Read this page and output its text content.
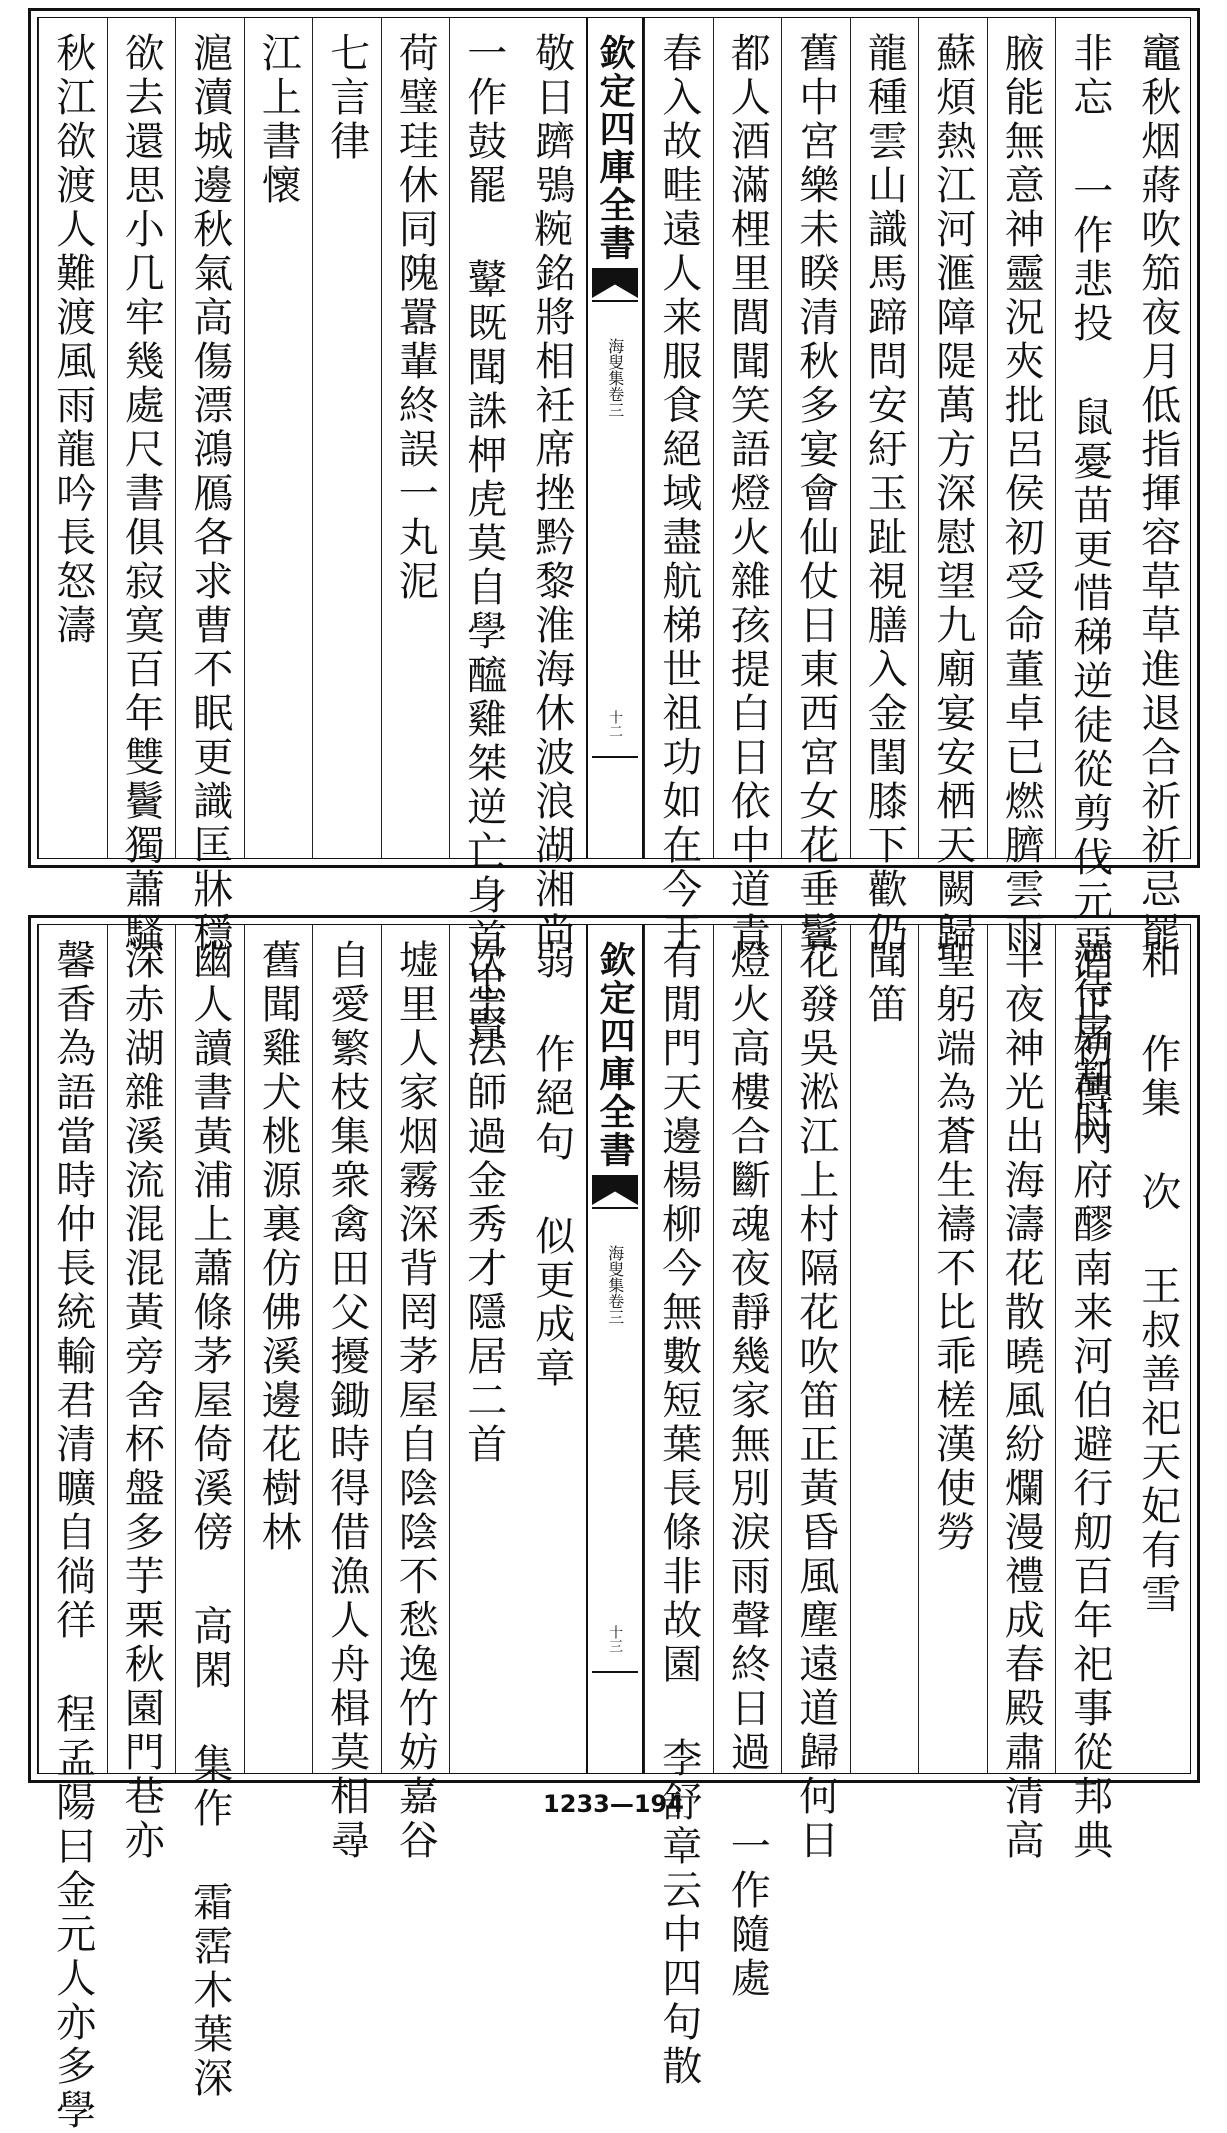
竈秋烟蔣吹笳夜月低指揮容草草進退合祈祈忌罷
非忘 一作悲投 鼠憂苗更惜稊逆徒從剪伐元惡待屠割肘
腋能無意神靈況夾批呂侯初受命董卓已燃臍雲雨
蘇煩熱江河滙障隄萬方深慰望九廟宴安栖天闕歸
龍種雲山識馬蹄問安紆玉趾視膳入金閨膝下歡仍
舊中宮樂未睽清秋多宴會仙仗日東西宮女花垂鬢
都人酒滿梩里閭聞笑語燈火雜孩提白日依中道青
春入故畦遠人来服食絕域盡航梯世祖功如在今王
欽定四庫全書
海叟集卷三
十二
敬日躋鴞𥺹銘將相衽席挫黔黎淮海休波浪湖湘尚
一作鼓罷 鼙既聞誅柙虎莫自學醯雞桀逆亡身首忠賢
荷璧珪休同隗囂輩終誤一丸泥
七言律
江上書懷
滬瀆城邊秋氣高傷漂鴻鴈各求曹不眠更識匡牀穩
欲去還思小几牢幾處尺書俱寂寞百年雙鬢獨蕭騷
秋江欲渡人難渡風雨龍吟長怒濤
和 作集 次 王叔善祀天妃有雪
酒正初傳內府醪南来河伯避行舠百年祀事從邦典
半夜神光出海濤花散曉風紛爛漫禮成春殿肅清高
聖躬端為蒼生禱不比乖槎漢使勞
聞笛
花發吳淞江上村隔花吹笛正黃昏風塵遠道歸何日
燈火高樓合斷魂夜靜幾家無別淚雨聲終日過 一作隨處
有閒門天邊楊柳今無數短葉長條非故園 李舒章云中四句散
欽定四庫全書
海叟集卷三
十三
弱 作絕句 似更成章
次圭法師過金秀才隱居二首
墟里人家烟霧深背罔茅屋自陰陰不愁逸竹妨嘉谷
自愛繁枝集衆禽田父擾鋤時得借漁人舟楫莫相尋
舊聞雞犬桃源裏仿佛溪邊花樹林
幽人讀書黃浦上蕭條茅屋倚溪傍 高閑 集作 霜霑木葉深
深赤湖雜溪流混混黃旁舍杯盤多芋栗秋園門巷亦
馨香為語當時仲長統輸君清曠自徜徉 程孟陽曰金元人亦多學	1233—194
